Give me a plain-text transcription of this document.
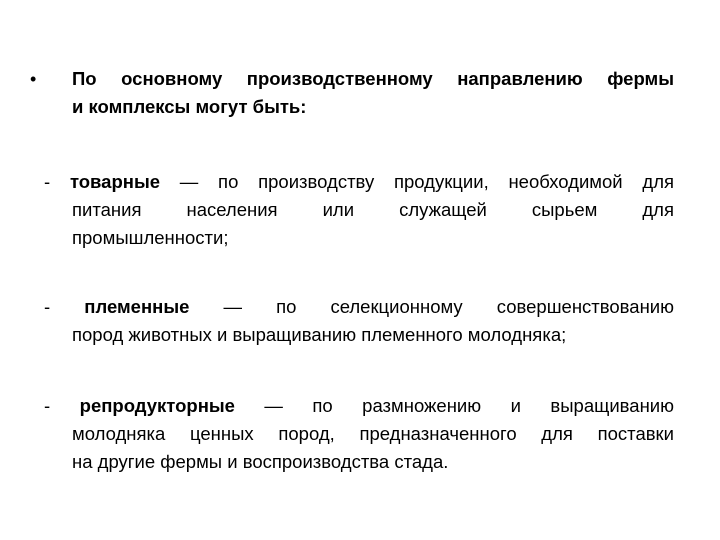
• По основному производственному направлению фермы
и комплексы могут быть:
- товарные — по производству продукции, необходимой для
питания населения или служащей сырьем для
промышленности;
- племенные — по селекционному совершенствованию
пород животных и выращиванию племенного молодняка;
- репродукторные — по размножению и выращиванию
молодняка ценных пород, предназначенного для поставки
на другие фермы и воспроизводства стада.
